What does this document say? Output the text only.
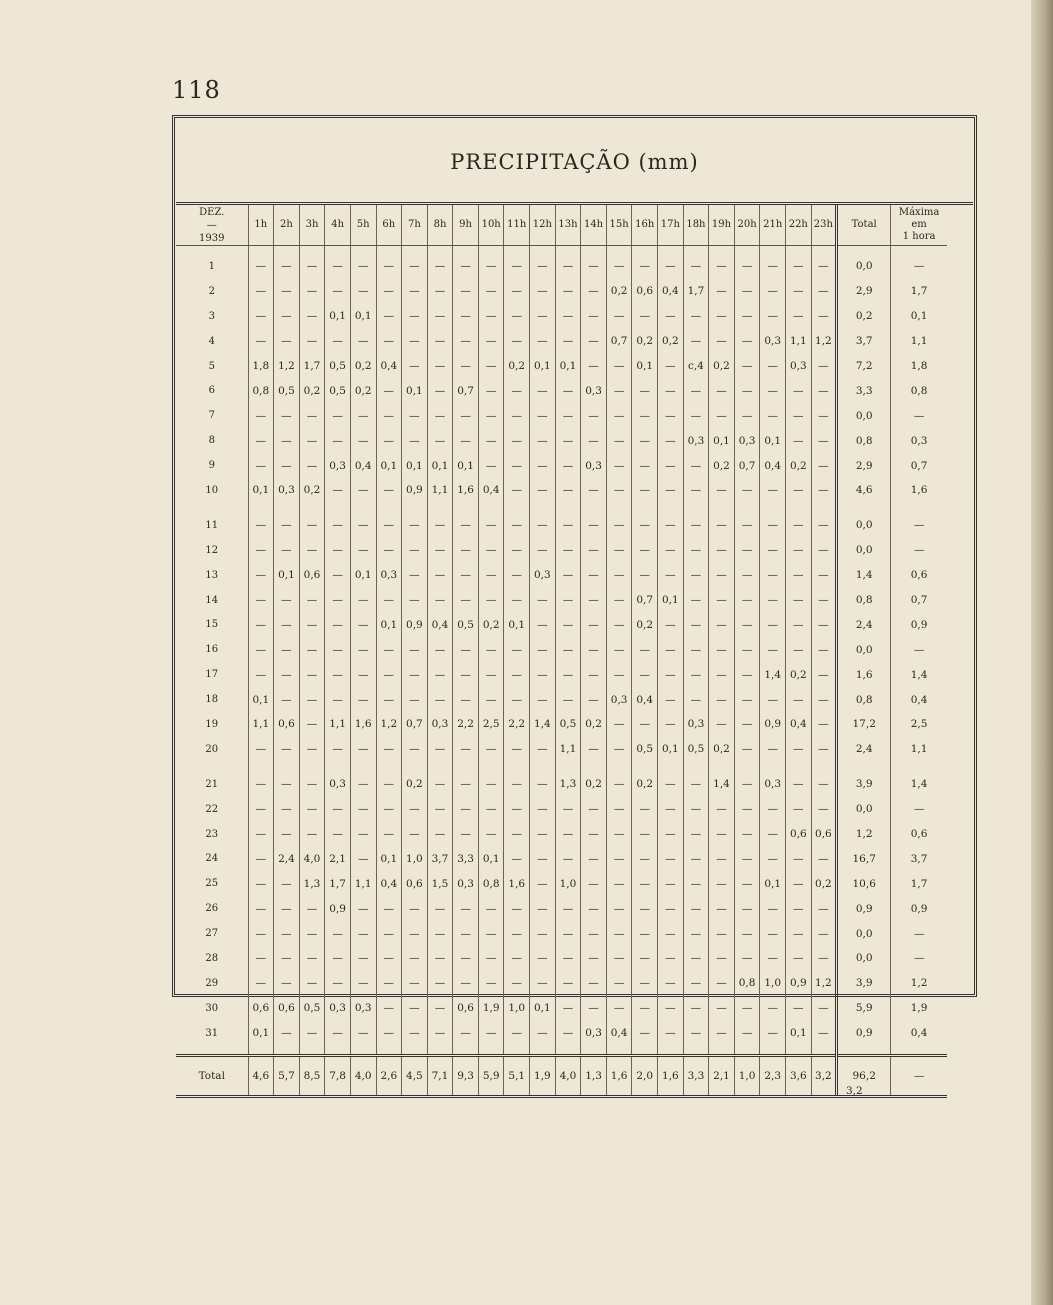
118
PRECIPITAÇÃO (mm)
DEZ.
—
1939	1h	2h	3h	4h	5h	6h	7h	8h	9h	10h	11h	12h	13h	14h	15h	16h	17h	18h	19h	20h	21h	22h	23h	Total	Máxima
em
1 hora

1	—	—	—	—	—	—	—	—	—	—	—	—	—	—	—	—	—	—	—	—	—	—	—	0,0	—
2	—	—	—	—	—	—	—	—	—	—	—	—	—	—	0,2	0,6	0,4	1,7	—	—	—	—	—	2,9	1,7
3	—	—	—	0,1	0,1	—	—	—	—	—	—	—	—	—	—	—	—	—	—	—	—	—	—	0,2	0,1
4	—	—	—	—	—	—	—	—	—	—	—	—	—	—	0,7	0,2	0,2	—	—	—	0,3	1,1	1,2	3,7	1,1
5	1,8	1,2	1,7	0,5	0,2	0,4	—	—	—	—	0,2	0,1	0,1	—	—	0,1	—	c,4	0,2	—	—	0,3	—	7,2	1,8
6	0,8	0,5	0,2	0,5	0,2	—	0,1	—	0,7	—	—	—	—	0,3	—	—	—	—	—	—	—	—	—	3,3	0,8
7	—	—	—	—	—	—	—	—	—	—	—	—	—	—	—	—	—	—	—	—	—	—	—	0,0	—
8	—	—	—	—	—	—	—	—	—	—	—	—	—	—	—	—	—	0,3	0,1	0,3	0,1	—	—	0,8	0,3
9	—	—	—	0,3	0,4	0,1	0,1	0,1	0,1	—	—	—	—	0,3	—	—	—	—	0,2	0,7	0,4	0,2	—	2,9	0,7
10	0,1	0,3	0,2	—	—	—	0,9	1,1	1,6	0,4	—	—	—	—	—	—	—	—	—	—	—	—	—	4,6	1,6

11	—	—	—	—	—	—	—	—	—	—	—	—	—	—	—	—	—	—	—	—	—	—	—	0,0	—
12	—	—	—	—	—	—	—	—	—	—	—	—	—	—	—	—	—	—	—	—	—	—	—	0,0	—
13	—	0,1	0,6	—	0,1	0,3	—	—	—	—	—	0,3	—	—	—	—	—	—	—	—	—	—	—	1,4	0,6
14	—	—	—	—	—	—	—	—	—	—	—	—	—	—	—	0,7	0,1	—	—	—	—	—	—	0,8	0,7
15	—	—	—	—	—	0,1	0,9	0,4	0,5	0,2	0,1	—	—	—	—	0,2	—	—	—	—	—	—	—	2,4	0,9
16	—	—	—	—	—	—	—	—	—	—	—	—	—	—	—	—	—	—	—	—	—	—	—	0,0	—
17	—	—	—	—	—	—	—	—	—	—	—	—	—	—	—	—	—	—	—	—	1,4	0,2	—	1,6	1,4
18	0,1	—	—	—	—	—	—	—	—	—	—	—	—	—	0,3	0,4	—	—	—	—	—	—	—	0,8	0,4
19	1,1	0,6	—	1,1	1,6	1,2	0,7	0,3	2,2	2,5	2,2	1,4	0,5	0,2	—	—	—	0,3	—	—	0,9	0,4	—	17,2	2,5
20	—	—	—	—	—	—	—	—	—	—	—	—	1,1	—	—	0,5	0,1	0,5	0,2	—	—	—	—	2,4	1,1

21	—	—	—	0,3	—	—	0,2	—	—	—	—	—	1,3	0,2	—	0,2	—	—	1,4	—	0,3	—	—	3,9	1,4
22	—	—	—	—	—	—	—	—	—	—	—	—	—	—	—	—	—	—	—	—	—	—	—	0,0	—
23	—	—	—	—	—	—	—	—	—	—	—	—	—	—	—	—	—	—	—	—	—	0,6	0,6	1,2	0,6
24	—	2,4	4,0	2,1	—	0,1	1,0	3,7	3,3	0,1	—	—	—	—	—	—	—	—	—	—	—	—	—	16,7	3,7
25	—	—	1,3	1,7	1,1	0,4	0,6	1,5	0,3	0,8	1,6	—	1,0	—	—	—	—	—	—	—	0,1	—	0,2	10,6	1,7
26	—	—	—	0,9	—	—	—	—	—	—	—	—	—	—	—	—	—	—	—	—	—	—	—	0,9	0,9
27	—	—	—	—	—	—	—	—	—	—	—	—	—	—	—	—	—	—	—	—	—	—	—	0,0	—
28	—	—	—	—	—	—	—	—	—	—	—	—	—	—	—	—	—	—	—	—	—	—	—	0,0	—
29	—	—	—	—	—	—	—	—	—	—	—	—	—	—	—	—	—	—	—	0,8	1,0	0,9	1,2	3,9	1,2
30	0,6	0,6	0,5	0,3	0,3	—	—	—	0,6	1,9	1,0	0,1	—	—	—	—	—	—	—	—	—	—	—	5,9	1,9
31	0,1	—	—	—	—	—	—	—	—	—	—	—	—	0,3	0,4	—	—	—	—	—	—	0,1	—	0,9	0,4

Total	4,6	5,7	8,5	7,8	4,0	2,6	4,5	7,1	9,3	5,9	5,1	1,9	4,0	1,3	1,6	2,0	1,6	3,3	2,1	1,0	2,3	3,6	3,2	96,2	—
3,2
